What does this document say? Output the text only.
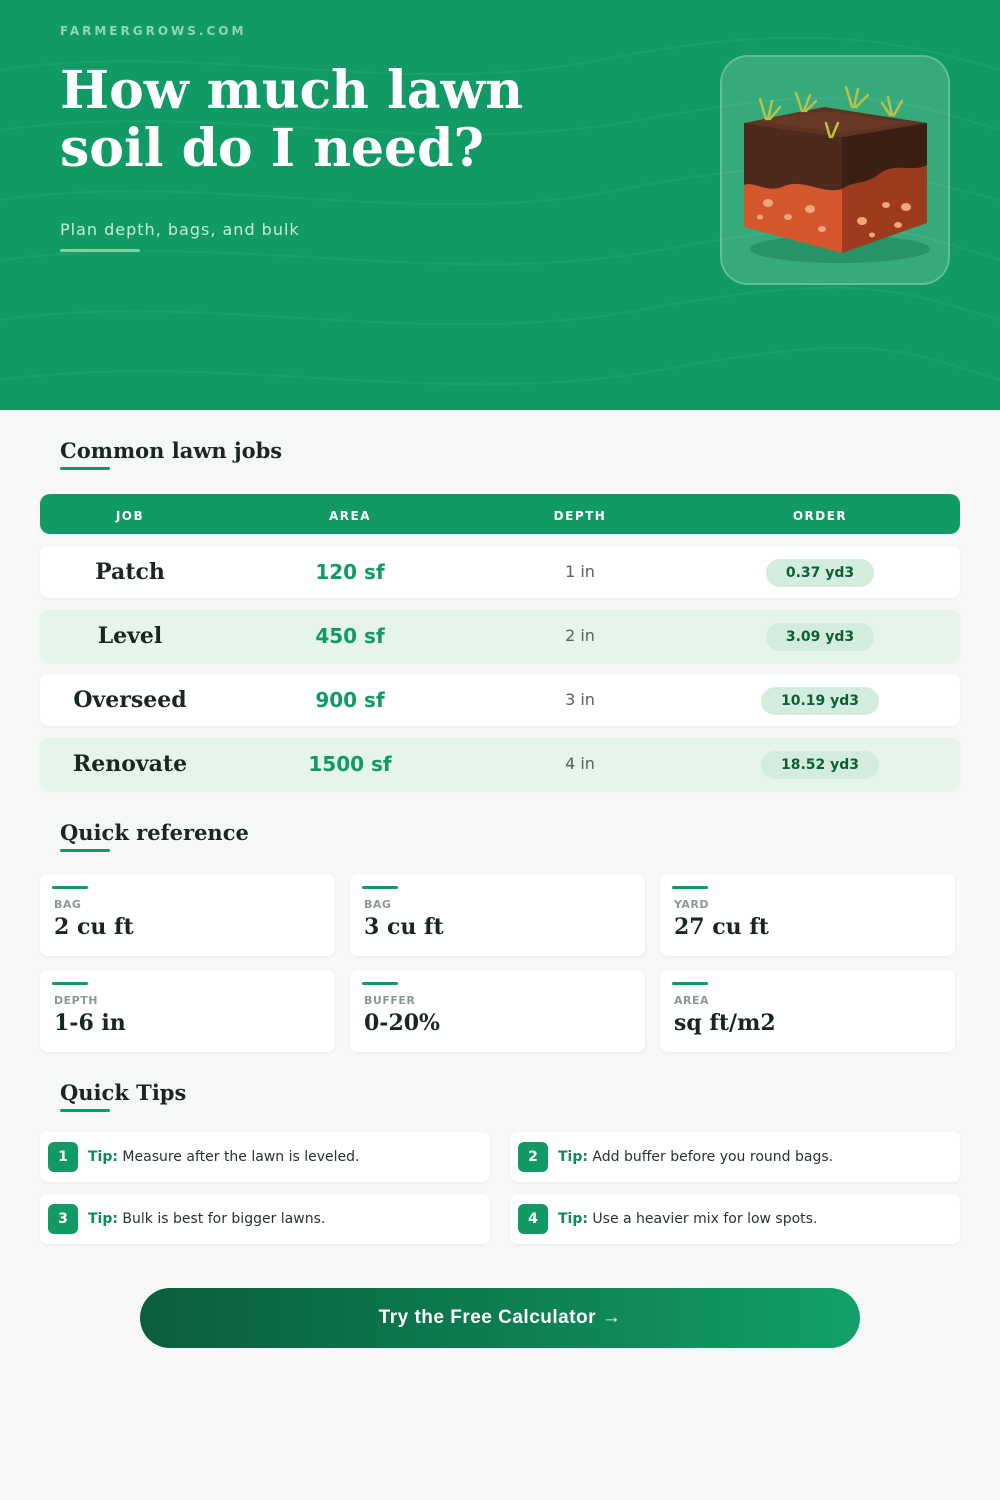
FARMERGROWS.COM
How much lawn soil do I need?
Plan depth, bags, and bulk
Common lawn jobs
JOB	AREA	DEPTH	ORDER
Patch	120 sf	1 in	0.37 yd3
Level	450 sf	2 in	3.09 yd3
Overseed	900 sf	3 in	10.19 yd3
Renovate	1500 sf	4 in	18.52 yd3
Quick reference
BAG
2 cu ft
BAG
3 cu ft
YARD
27 cu ft
DEPTH
1-6 in
BUFFER
0-20%
AREA
sq ft/m2
Quick Tips
1	Tip: Measure after the lawn is leveled.	2	Tip: Add buffer before you round bags.
3	Tip: Bulk is best for bigger lawns.	4	Tip: Use a heavier mix for low spots.
Try the Free Calculator →
